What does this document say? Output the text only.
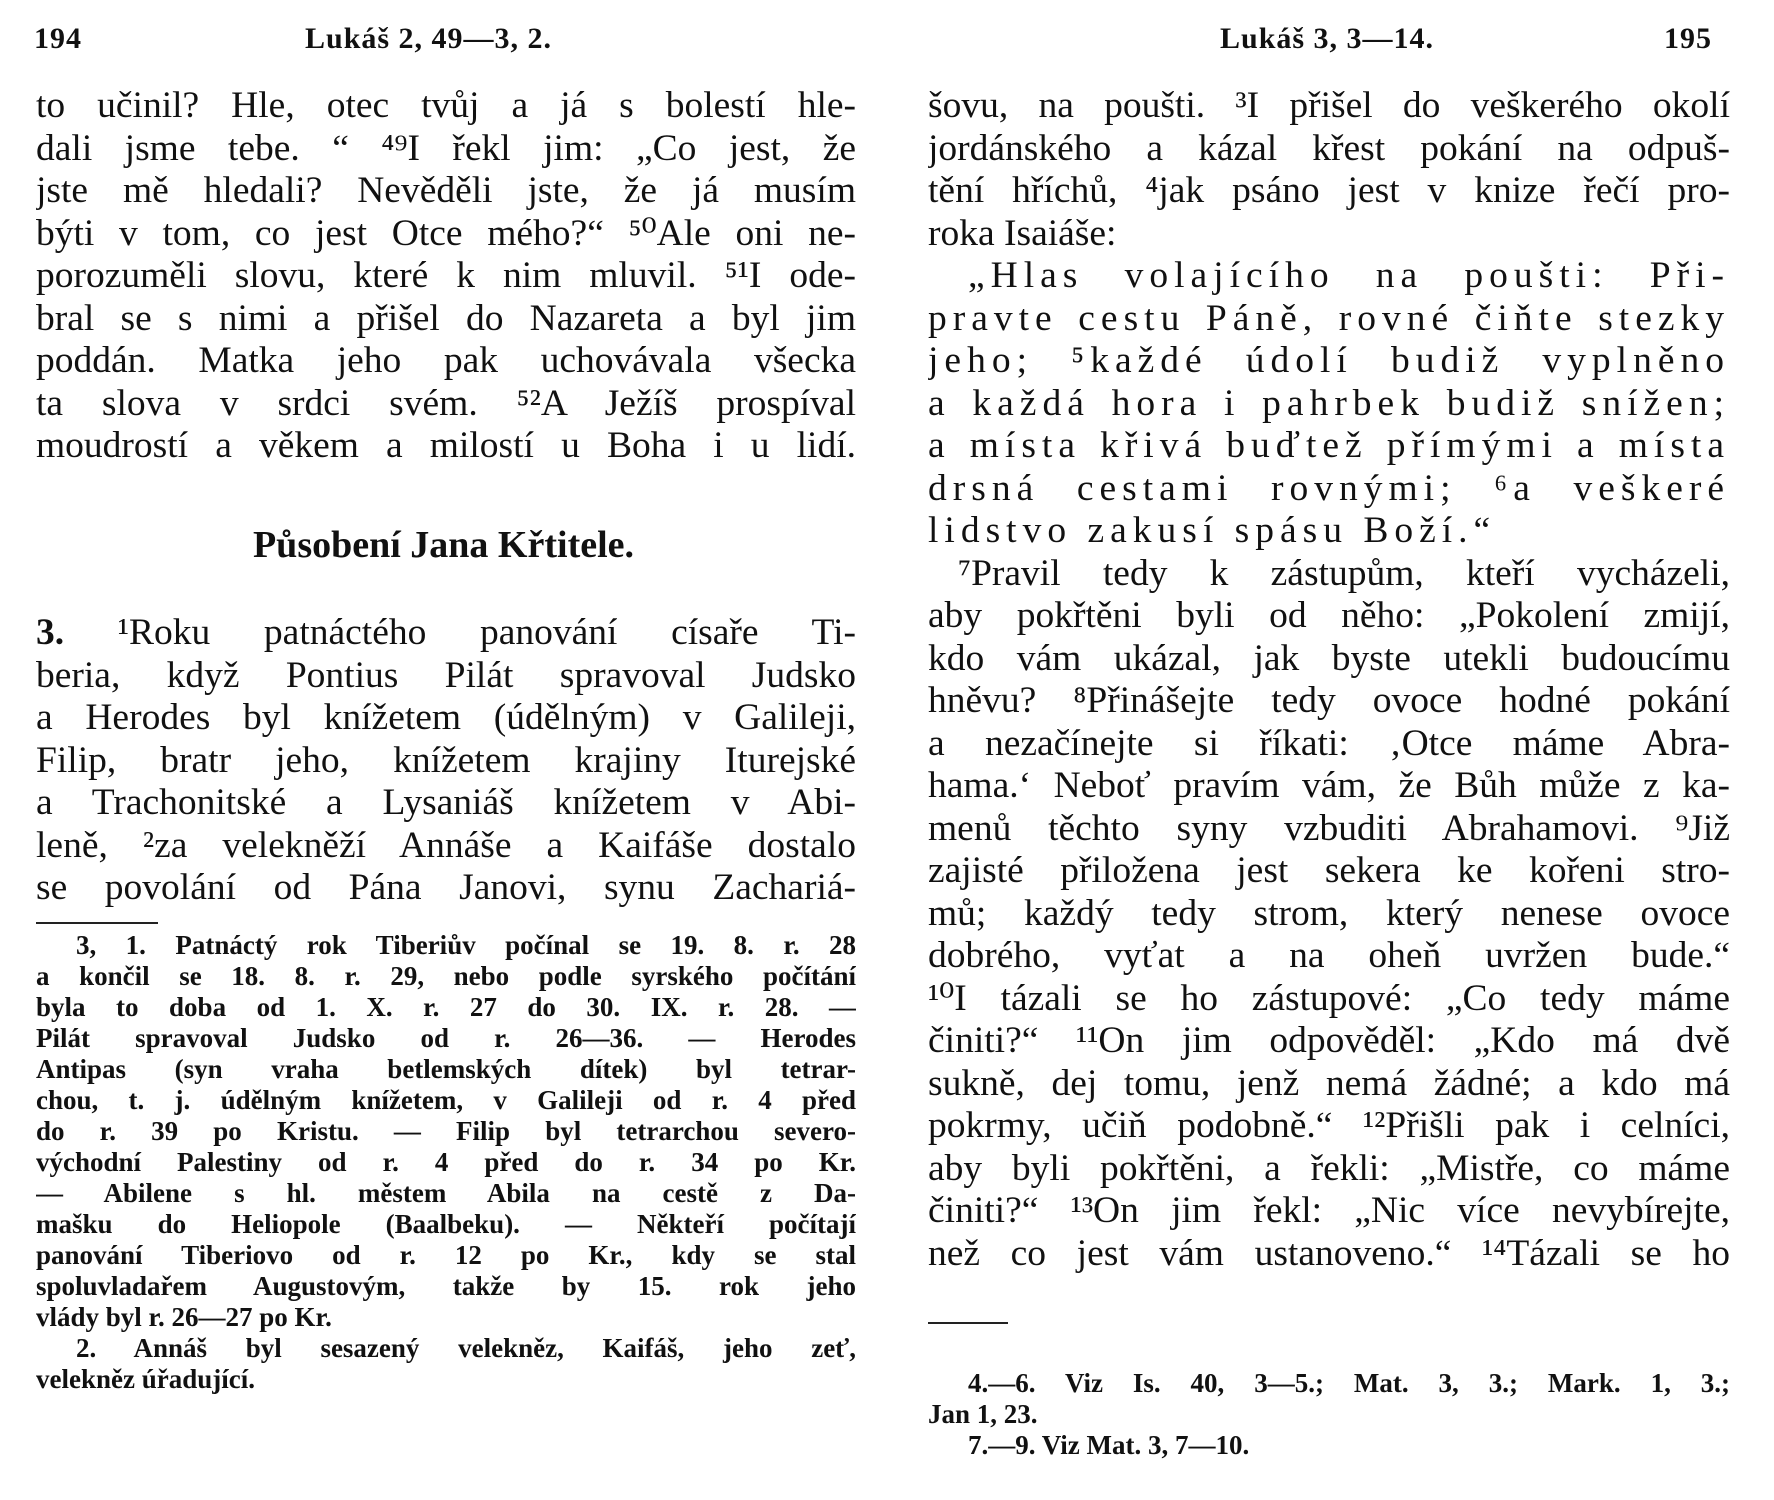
194	Lukáš 2, 49—3, 2.
to učinil? Hle, otec tvůj a já s bolestí hle-
dali jsme tebe. “ ⁴⁹I řekl jim: „Co jest, že
jste mě hledali? Nevěděli jste, že já musím
býti v tom, co jest Otce mého?“ ⁵⁰Ale oni ne-
porozuměli slovu, které k nim mluvil. ⁵¹I ode-
bral se s nimi a přišel do Nazareta a byl jim
poddán. Matka jeho pak uchovávala všecka
ta slova v srdci svém. ⁵²A Ježíš prospíval
moudrostí a věkem a milostí u Boha i u lidí.
Působení Jana Křtitele.
3. ¹Roku patnáctého panování císaře Ti-
beria, když Pontius Pilát spravoval Judsko
a Herodes byl knížetem (údělným) v Galileji,
Filip, bratr jeho, knížetem krajiny Iturejské
a Trachonitské a Lysaniáš knížetem v Abi-
leně, ²za velekněží Annáše a Kaifáše dostalo
se povolání od Pána Janovi, synu Zachariá-
3, 1. Patnáctý rok Tiberiův počínal se 19. 8. r. 28
a končil se 18. 8. r. 29, nebo podle syrského počítání
byla to doba od 1. X. r. 27 do 30. IX. r. 28. —
Pilát spravoval Judsko od r. 26—36. — Herodes
Antipas (syn vraha betlemských dítek) byl tetrar-
chou, t. j. údělným knížetem, v Galileji od r. 4 před
do r. 39 po Kristu. — Filip byl tetrarchou severo-
východní Palestiny od r. 4 před do r. 34 po Kr.
— Abilene s hl. městem Abila na cestě z Da-
mašku do Heliopole (Baalbeku). — Někteří počítají
panování Tiberiovo od r. 12 po Kr., kdy se stal
spoluvladařem Augustovým, takže by 15. rok jeho
vlády byl r. 26—27 po Kr.
2. Annáš byl sesazený velekněz, Kaifáš, jeho zeť,
velekněz úřadující.
Lukáš 3, 3—14.	195
šovu, na poušti. ³I přišel do veškerého okolí
jordánského a kázal křest pokání na odpuš-
tění hříchů, ⁴jak psáno jest v knize řečí pro-
roka Isaiáše:
„Hlas volajícího na poušti: Při-
pravte cestu Páně, rovné čiňte stezky
jeho; ⁵každé údolí budiž vyplněno
a každá hora i pahrbek budiž snížen;
a místa křivá buďtež přímými a místa
drsná cestami rovnými; ⁶a veškeré
lidstvo zakusí spásu Boží.“
⁷Pravil tedy k zástupům, kteří vycházeli,
aby pokřtěni byli od něho: „Pokolení zmijí,
kdo vám ukázal, jak byste utekli budoucímu
hněvu? ⁸Přinášejte tedy ovoce hodné pokání
a nezačínejte si říkati: ‚Otce máme Abra-
hama.‘ Neboť pravím vám, že Bůh může z ka-
menů těchto syny vzbuditi Abrahamovi. ⁹Již
zajisté přiložena jest sekera ke kořeni stro-
mů; každý tedy strom, který nenese ovoce
dobrého, vyťat a na oheň uvržen bude.“
¹⁰I tázali se ho zástupové: „Co tedy máme
činiti?“ ¹¹On jim odpověděl: „Kdo má dvě
sukně, dej tomu, jenž nemá žádné; a kdo má
pokrmy, učiň podobně.“ ¹²Přišli pak i celníci,
aby byli pokřtěni, a řekli: „Mistře, co máme
činiti?“ ¹³On jim řekl: „Nic více nevybírejte,
než co jest vám ustanoveno.“ ¹⁴Tázali se ho
4.—6. Viz Is. 40, 3—5.; Mat. 3, 3.; Mark. 1, 3.;
Jan 1, 23.
7.—9. Viz Mat. 3, 7—10.
